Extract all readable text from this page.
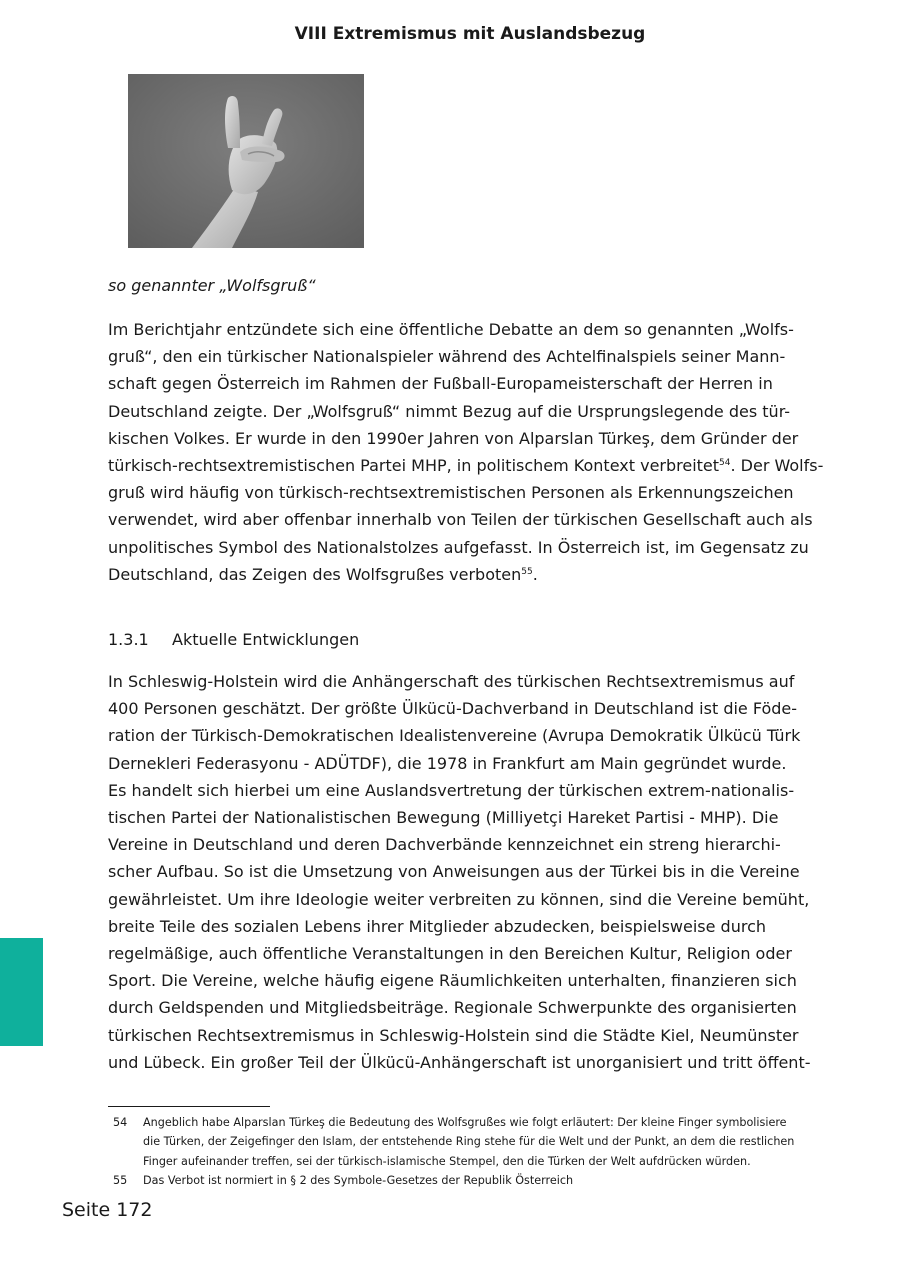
VIII Extremismus mit Auslandsbezug
so genannter „Wolfsgruß“

Im Berichtjahr entzündete sich eine öffentliche Debatte an dem so genannten „Wolfs-
gruß“, den ein türkischer Nationalspieler während des Achtelfinalspiels seiner Mann-
schaft gegen Österreich im Rahmen der Fußball-Europameisterschaft der Herren in
Deutschland zeigte. Der „Wolfsgruß“ nimmt Bezug auf die Ursprungslegende des tür-
kischen Volkes. Er wurde in den 1990er Jahren von Alparslan Türkeş, dem Gründer der
türkisch-rechtsextremistischen Partei MHP, in politischem Kontext verbreitet$^{54}$. Der Wolfs-
gruß wird häufig von türkisch-rechtsextremistischen Personen als Erkennungszeichen
verwendet, wird aber offenbar innerhalb von Teilen der türkischen Gesellschaft auch als
unpolitisches Symbol des Nationalstolzes aufgefasst. In Österreich ist, im Gegensatz zu
Deutschland, das Zeigen des Wolfsgrußes verboten$^{55}$.

1.3.1 Aktuelle Entwicklungen

In Schleswig-Holstein wird die Anhängerschaft des türkischen Rechtsextremismus auf
400 Personen geschätzt. Der größte Ülkücü-Dachverband in Deutschland ist die Föde-
ration der Türkisch-Demokratischen Idealistenvereine (Avrupa Demokratik Ülkücü Türk
Dernekleri Federasyonu - ADÜTDF), die 1978 in Frankfurt am Main gegründet wurde.
Es handelt sich hierbei um eine Auslandsvertretung der türkischen extrem-nationalis-
tischen Partei der Nationalistischen Bewegung (Milliyetçi Hareket Partisi - MHP). Die
Vereine in Deutschland und deren Dachverbände kennzeichnet ein streng hierarchi-
scher Aufbau. So ist die Umsetzung von Anweisungen aus der Türkei bis in die Vereine
gewährleistet. Um ihre Ideologie weiter verbreiten zu können, sind die Vereine bemüht,
breite Teile des sozialen Lebens ihrer Mitglieder abzudecken, beispielsweise durch
regelmäßige, auch öffentliche Veranstaltungen in den Bereichen Kultur, Religion oder
Sport. Die Vereine, welche häufig eigene Räumlichkeiten unterhalten, finanzieren sich
durch Geldspenden und Mitgliedsbeiträge. Regionale Schwerpunkte des organisierten
türkischen Rechtsextremismus in Schleswig-Holstein sind die Städte Kiel, Neumünster
und Lübeck. Ein großer Teil der Ülkücü-Anhängerschaft ist unorganisiert und tritt öffent-

54 Angeblich habe Alparslan Türkeş die Bedeutung des Wolfsgrußes wie folgt erläutert: Der kleine Finger symbolisiere
die Türken, der Zeigefinger den Islam, der entstehende Ring stehe für die Welt und der Punkt, an dem die restlichen
Finger aufeinander treffen, sei der türkisch-islamische Stempel, den die Türken der Welt aufdrücken würden.
55 Das Verbot ist normiert in § 2 des Symbole-Gesetzes der Republik Österreich
Seite 172
